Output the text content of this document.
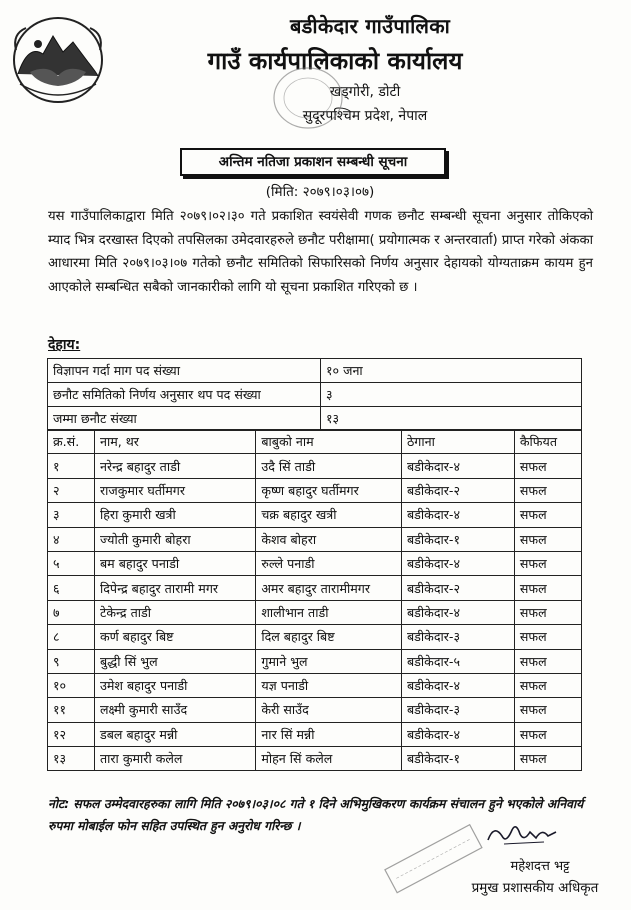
बडीकेदार गाउँपालिका
गाउँ कार्यपालिकाको कार्यालय
खड्गोरी, डोटी
सुदूरपश्चिम प्रदेश, नेपाल
अन्तिम नतिजा प्रकाशन सम्बन्धी सूचना
(मिति: २०७९।०३।०७)
यस गाउँपालिकाद्वारा मिति २०७९।०२।३० गते प्रकाशित स्वयंसेवी गणक छनौट सम्बन्धी सूचना अनुसार तोकिएको म्याद भित्र दरखास्त दिएको तपसिलका उमेदवारहरुले छनौट परीक्षामा( प्रयोगात्मक र अन्तरवार्ता) प्राप्त गरेको अंकका आधारमा मिति २०७९।०३।०७ गतेको छनौट समितिको सिफारिसको निर्णय अनुसार देहायको योग्यताक्रम कायम हुन आएकोले सम्बन्धित सबैको जानकारीको लागि यो सूचना प्रकाशित गरिएको छ ।
देहाय:
विज्ञापन गर्दा माग पद संख्या	१० जना
छनौट समितिको निर्णय अनुसार थप पद संख्या	३
जम्मा छनौट संख्या	१३
क्र.सं.	नाम, थर	बाबुको नाम	ठेगाना	कैफियत
१	नरेन्द्र बहादुर ताडी	उदै सिं ताडी	बडीकेदार-४	सफल
२	राजकुमार घर्तीमगर	कृष्ण बहादुर घर्तीमगर	बडीकेदार-२	सफल
३	हिरा कुमारी खत्री	चक्र बहादुर खत्री	बडीकेदार-४	सफल
४	ज्योती कुमारी बोहरा	केशव बोहरा	बडीकेदार-१	सफल
५	बम बहादुर पनाडी	रुल्ले पनाडी	बडीकेदार-४	सफल
६	दिपेन्द्र बहादुर तारामी मगर	अमर बहादुर तारामीमगर	बडीकेदार-२	सफल
७	टेकेन्द्र ताडी	शालीभान ताडी	बडीकेदार-४	सफल
८	कर्ण बहादुर बिष्ट	दिल बहादुर बिष्ट	बडीकेदार-३	सफल
९	बुद्धी सिं भुल	गुमाने भुल	बडीकेदार-५	सफल
१०	उमेश बहादुर पनाडी	यज्ञ पनाडी	बडीकेदार-४	सफल
११	लक्ष्मी कुमारी साउँद	केरी साउँद	बडीकेदार-३	सफल
१२	डबल बहादुर मन्नी	नार सिं मन्नी	बडीकेदार-४	सफल
१३	तारा कुमारी कलेल	मोहन सिं कलेल	बडीकेदार-१	सफल
नोट: सफल उम्मेदवारहरुका लागि मिति २०७९।०३।०८ गते १ दिने अभिमुखिकरण कार्यक्रम संचालन हुने भएकोले अनिवार्य रुपमा मोबाईल फोन सहित उपस्थित हुन अनुरोध गरिन्छ ।
महेशदत्त भट्ट
प्रमुख प्रशासकीय अधिकृत
